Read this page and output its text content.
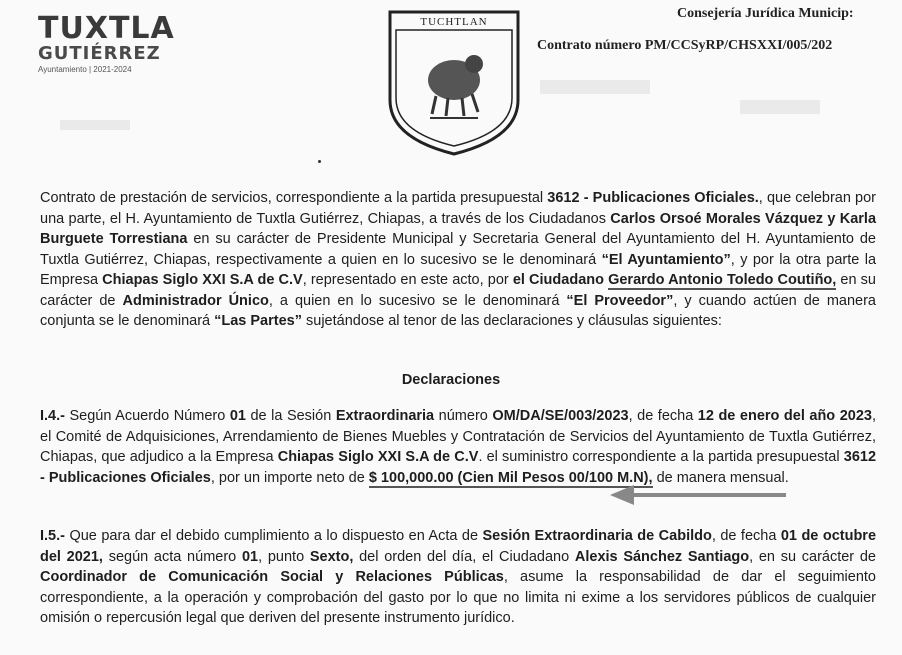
TUXTLA
GUTIÉRREZ
Ayuntamiento | 2021-2024
TUCHTLAN
Consejería Jurídica Municip:
Contrato número PM/CCSyRP/CHSXXI/005/202
Contrato de prestación de servicios, correspondiente a la partida presupuestal 3612 - Publicaciones Oficiales., que celebran por una parte, el H. Ayuntamiento de Tuxtla Gutiérrez, Chiapas, a través de los Ciudadanos Carlos Orsoé Morales Vázquez y Karla Burguete Torrestiana en su carácter de Presidente Municipal y Secretaria General del Ayuntamiento del H. Ayuntamiento de Tuxtla Gutiérrez, Chiapas, respectivamente a quien en lo sucesivo se le denominará “El Ayuntamiento”, y por la otra parte la Empresa Chiapas Siglo XXI S.A de C.V, representado en este acto, por el Ciudadano Gerardo Antonio Toledo Coutiño, en su carácter de Administrador Único, a quien en lo sucesivo se le denominará “El Proveedor”, y cuando actúen de manera conjunta se le denominará “Las Partes” sujetándose al tenor de las declaraciones y cláusulas siguientes:
Declaraciones
I.4.- Según Acuerdo Número 01 de la Sesión Extraordinaria número OM/DA/SE/003/2023, de fecha 12 de enero del año 2023, el Comité de Adquisiciones, Arrendamiento de Bienes Muebles y Contratación de Servicios del Ayuntamiento de Tuxtla Gutiérrez, Chiapas, que adjudico a la Empresa Chiapas Siglo XXI S.A de C.V. el suministro correspondiente a la partida presupuestal 3612 - Publicaciones Oficiales, por un importe neto de $ 100,000.00 (Cien Mil Pesos 00/100 M.N), de manera mensual.
I.5.- Que para dar el debido cumplimiento a lo dispuesto en Acta de Sesión Extraordinaria de Cabildo, de fecha 01 de octubre del 2021, según acta número 01, punto Sexto, del orden del día, el Ciudadano Alexis Sánchez Santiago, en su carácter de Coordinador de Comunicación Social y Relaciones Públicas, asume la responsabilidad de dar el seguimiento correspondiente, a la operación y comprobación del gasto por lo que no limita ni exime a los servidores públicos de cualquier omisión o repercusión legal que deriven del presente instrumento jurídico.
